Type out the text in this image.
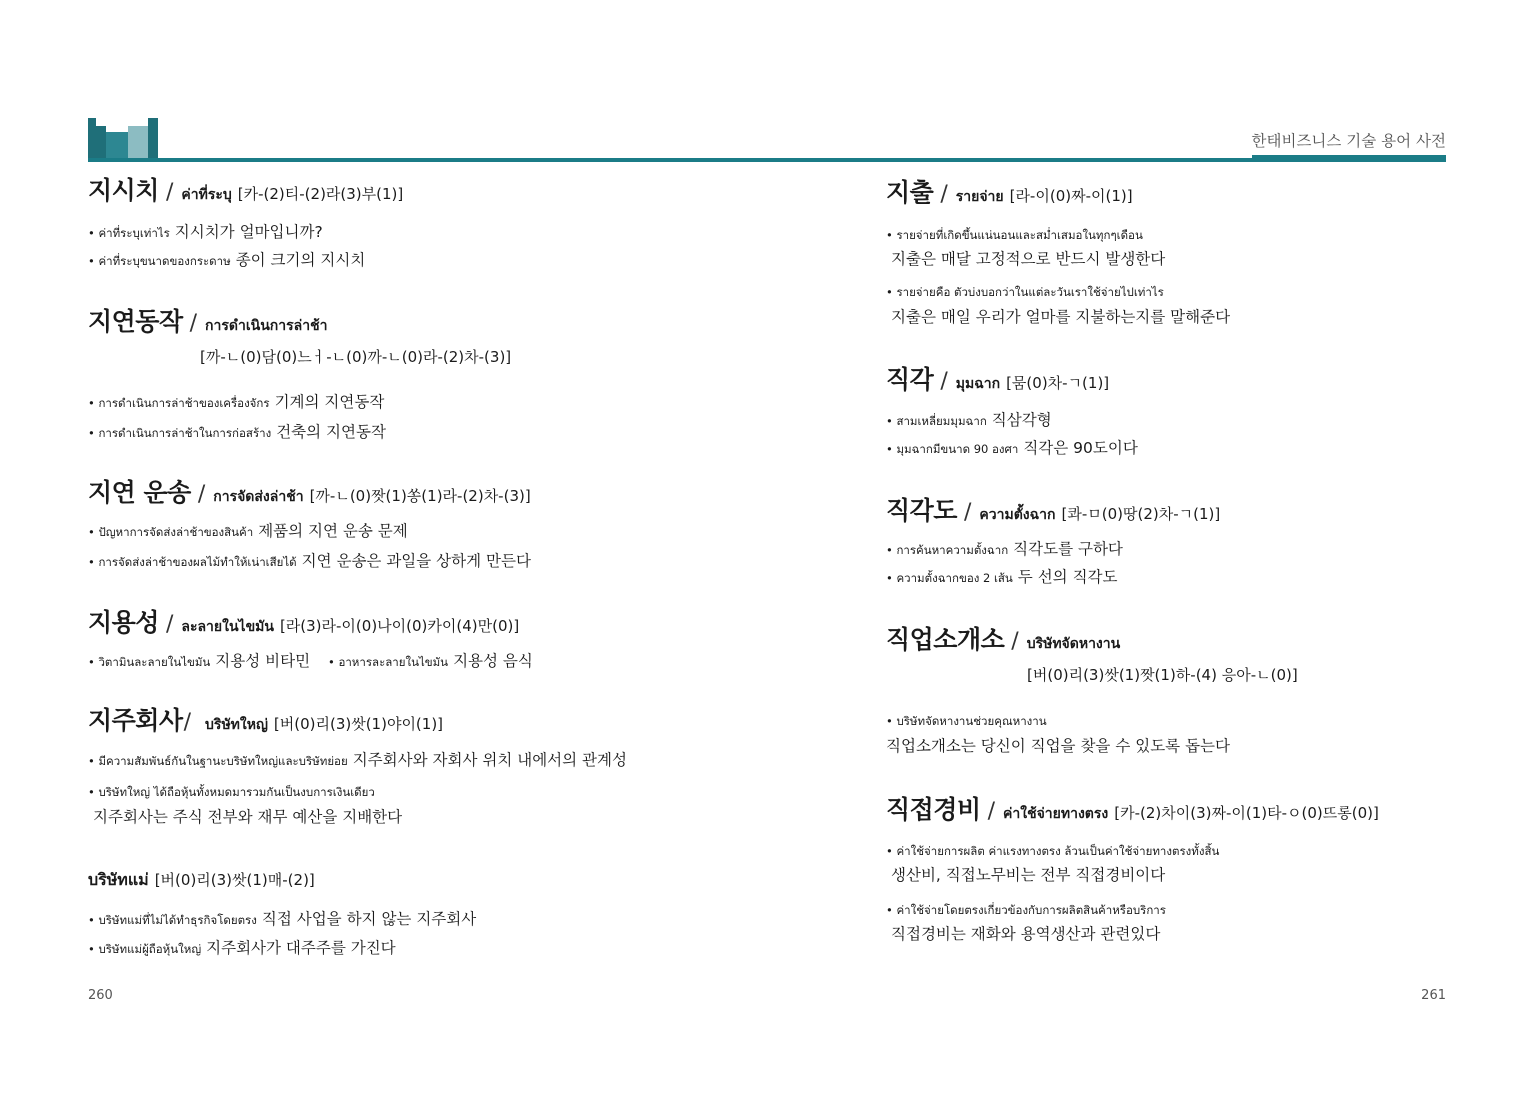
한태비즈니스 기술 용어 사전
지시치 / ค่าที่ระบุ [카-(2)티-(2)라(3)부(1)]
• ค่าที่ระบุเท่าไร 지시치가 얼마입니까?
• ค่าที่ระบุขนาดของกระดาษ 종이 크기의 지시치
지연동작 / การดำเนินการล่าช้า
[까-ㄴ(0)담(0)느ㅓ-ㄴ(0)까-ㄴ(0)라-(2)차-(3)]
• การดำเนินการล่าช้าของเครื่องจักร 기계의 지연동작
• การดำเนินการล่าช้าในการก่อสร้าง 건축의 지연동작
지연 운송 / การจัดส่งล่าช้า [까-ㄴ(0)짯(1)쏭(1)라-(2)차-(3)]
• ปัญหาการจัดส่งล่าช้าของสินค้า 제품의 지연 운송 문제
• การจัดส่งล่าช้าของผลไม้ทำให้เน่าเสียได้ 지연 운송은 과일을 상하게 만든다
지용성 / ละลายในไขมัน [라(3)라-이(0)나이(0)카이(4)만(0)]
• วิตามินละลายในไขมัน 지용성 비타민 • อาหารละลายในไขมัน 지용성 음식
지주회사/ บริษัทใหญ่ [버(0)리(3)쌋(1)야이(1)]
• มีความสัมพันธ์กันในฐานะบริษัทใหญ่และบริษัทย่อย 지주회사와 자회사 위치 내에서의 관계성
• บริษัทใหญ่ ได้ถือหุ้นทั้งหมดมารวมกันเป็นงบการเงินเดียว
지주회사는 주식 전부와 재무 예산을 지배한다
บริษัทแม่ [버(0)리(3)쌋(1)매-(2)]
• บริษัทแม่ที่ไม่ได้ทำธุรกิจโดยตรง 직접 사업을 하지 않는 지주회사
• บริษัทแม่ผู้ถือหุ้นใหญ่ 지주회사가 대주주를 가진다
260
지출 / รายจ่าย [라-이(0)짜-이(1)]
• รายจ่ายที่เกิดขึ้นแน่นอนและสม่ำเสมอในทุกๆเดือน
지출은 매달 고정적으로 반드시 발생한다
• รายจ่ายคือ ตัวบ่งบอกว่าในแต่ละวันเราใช้จ่ายไปเท่าไร
지출은 매일 우리가 얼마를 지불하는지를 말해준다
직각 / มุมฉาก [뭄(0)차-ㄱ(1)]
• สามเหลี่ยมมุมฉาก 직삼각형
• มุมฉากมีขนาด 90 องศา 직각은 90도이다
직각도 / ความตั้งฉาก [콰-ㅁ(0)땅(2)차-ㄱ(1)]
• การค้นหาความตั้งฉาก 직각도를 구하다
• ความตั้งฉากของ 2 เส้น 두 선의 직각도
직업소개소 / บริษัทจัดหางาน
[버(0)리(3)쌋(1)짯(1)하-(4) 응아-ㄴ(0)]
• บริษัทจัดหางานช่วยคุณหางาน
직업소개소는 당신이 직업을 찾을 수 있도록 돕는다
직접경비 / ค่าใช้จ่ายทางตรง [카-(2)차이(3)짜-이(1)타-ㅇ(0)뜨롱(0)]
• ค่าใช้จ่ายการผลิต ค่าแรงทางตรง ล้วนเป็นค่าใช้จ่ายทางตรงทั้งสิ้น
생산비, 직접노무비는 전부 직접경비이다
• ค่าใช้จ่ายโดยตรงเกี่ยวข้องกับการผลิตสินค้าหรือบริการ
직접경비는 재화와 용역생산과 관련있다
261
